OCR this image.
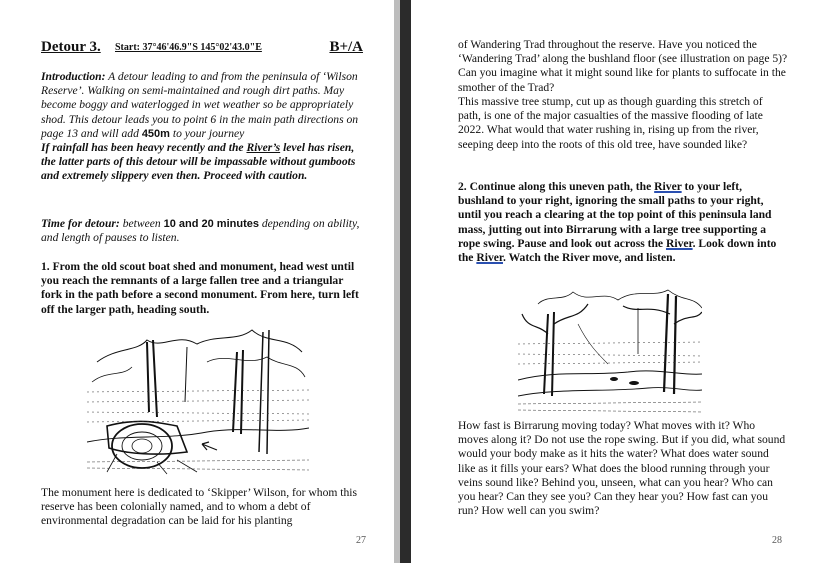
Detour 3. Start: 37°46'46.9"S 145°02'43.0"E	B+/A

Introduction: A detour leading to and from the peninsula of ‘Wilson Reserve’. Walking on semi-maintained and rough dirt paths. May become boggy and waterlogged in wet weather so be appropriately shod. This detour leads you to point 6 in the main path directions on page 13 and will add 450m to your journey
If rainfall has been heavy recently and the River’s level has risen, the latter parts of this detour will be impassable without gumboots and extremely slippery even then. Proceed with caution.

Time for detour: between 10 and 20 minutes depending on ability, and length of pauses to listen.

1. From the old scout boat shed and monument, head west until you reach the remnants of a large fallen tree and a triangular fork in the path before a second monument. From here, turn left off the larger path, heading south.

The monument here is dedicated to ‘Skipper’ Wilson, for whom this reserve has been colonially named, and to whom a debt of environmental degradation can be laid for his planting

27

of Wandering Trad throughout the reserve. Have you noticed the ‘Wandering Trad’ along the bushland floor (see illustration on page 5)? Can you imagine what it might sound like for plants to suffocate in the smother of the Trad?

This massive tree stump, cut up as though guarding this stretch of path, is one of the major casualties of the massive flooding of late 2022. What would that water rushing in, rising up from the river, seeping deep into the roots of this old tree, have sounded like?

2. Continue along this uneven path, the River to your left, bushland to your right, ignoring the small paths to your right, until you reach a clearing at the top point of this peninsula land mass, jutting out into Birrarung with a large tree supporting a rope swing. Pause and look out across the River. Look down into the River. Watch the River move, and listen.

How fast is Birrarung moving today? What moves with it? Who moves along it? Do not use the rope swing. But if you did, what sound would your body make as it hits the water? What does water sound like as it fills your ears? What does the blood running through your veins sound like? Behind you, unseen, what can you hear? Who can you hear? Can they see you? Can they hear you? How fast can you run? How well can you swim?

28
